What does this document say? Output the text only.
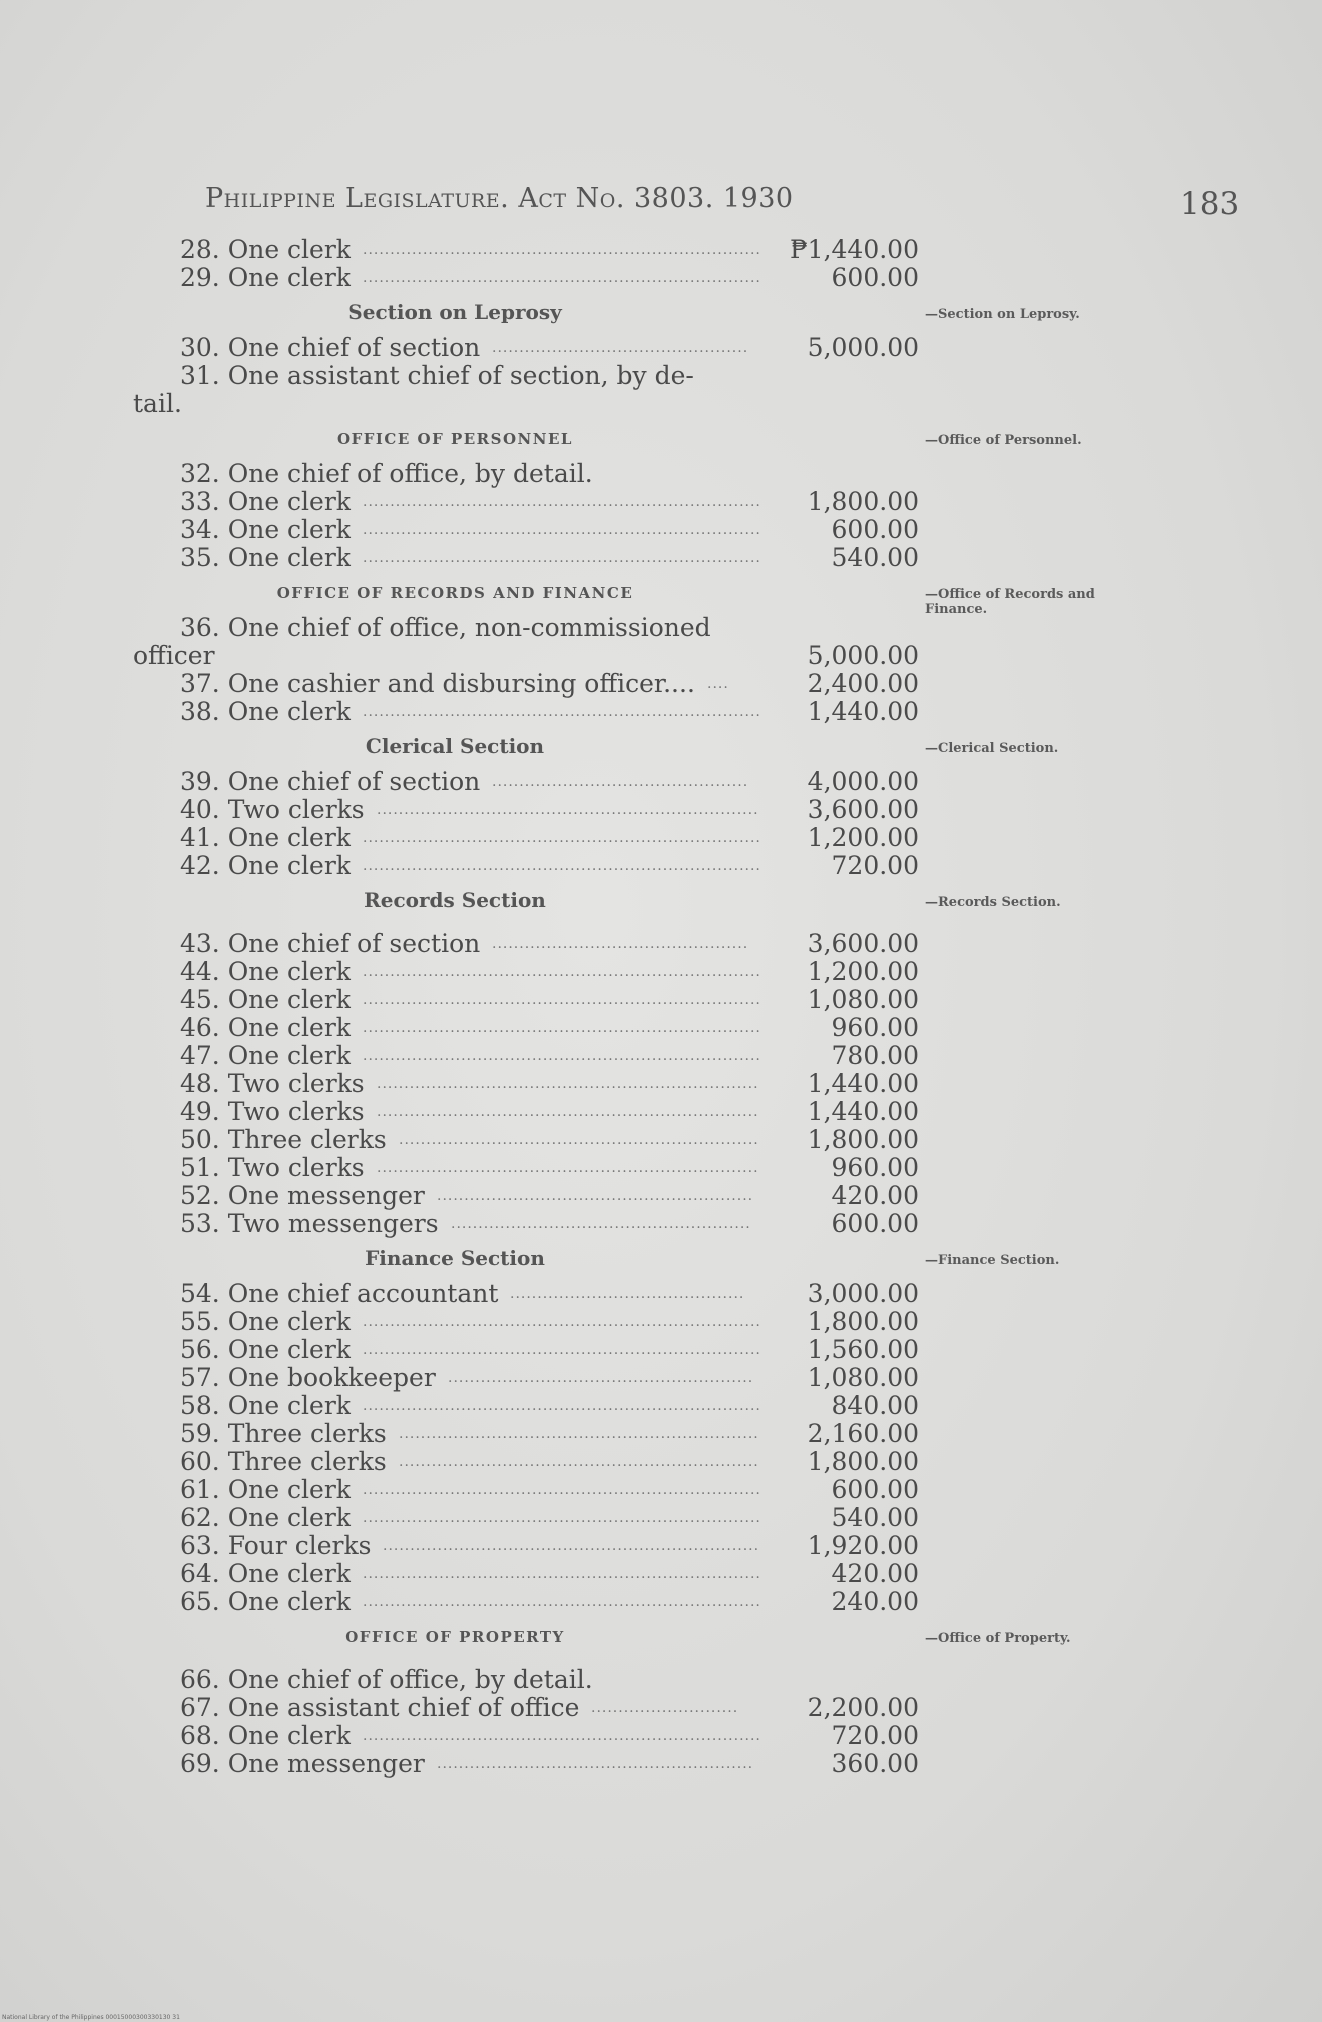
Philippine Legislature. Act No. 3803. 1930	183
28. One clerk ......................................................................... ₱1,440.00
29. One clerk .........................................................................	600.00
Section on Leprosy	—Section on Leprosy.
30. One chief of section ............................................... 5,000.00
31. One assistant chief of section, by de-
tail.
OFFICE OF PERSONNEL	—Office of Personnel.
32. One chief of office, by detail.
33. One clerk ......................................................................... 1,800.00
34. One clerk .........................................................................	600.00
35. One clerk .........................................................................	540.00
OFFICE OF RECORDS AND FINANCE	—Office of Records and Finance.
36. One chief of office, non-commissioned
officer	5,000.00
37. One cashier and disbursing officer.... ....	2,400.00
38. One clerk ......................................................................... 1,440.00
Clerical Section	—Clerical Section.
39. One chief of section ............................................... 4,000.00
40. Two clerks ...................................................................... 3,600.00
41. One clerk ......................................................................... 1,200.00
42. One clerk .........................................................................	720.00
Records Section	—Records Section.
43. One chief of section ............................................... 3,600.00
44. One clerk ......................................................................... 1,200.00
45. One clerk ......................................................................... 1,080.00
46. One clerk .........................................................................	960.00
47. One clerk .........................................................................	780.00
48. Two clerks ...................................................................... 1,440.00
49. Two clerks ...................................................................... 1,440.00
50. Three clerks .................................................................. 1,800.00
51. Two clerks ......................................................................	960.00
52. One messenger ..........................................................	420.00
53. Two messengers .......................................................	600.00
Finance Section	—Finance Section.
54. One chief accountant ...........................................	3,000.00
55. One clerk ......................................................................... 1,800.00
56. One clerk ......................................................................... 1,560.00
57. One bookkeeper ........................................................ 1,080.00
58. One clerk .........................................................................	840.00
59. Three clerks .................................................................. 2,160.00
60. Three clerks .................................................................. 1,800.00
61. One clerk .........................................................................	600.00
62. One clerk .........................................................................	540.00
63. Four clerks ..................................................................... 1,920.00
64. One clerk .........................................................................	420.00
65. One clerk .........................................................................	240.00
OFFICE OF PROPERTY	—Office of Property.
66. One chief of office, by detail.
67. One assistant chief of office ...........................	2,200.00
68. One clerk .........................................................................	720.00
69. One messenger ..........................................................	360.00
National Library of the Philippines 00015000300330130 31
